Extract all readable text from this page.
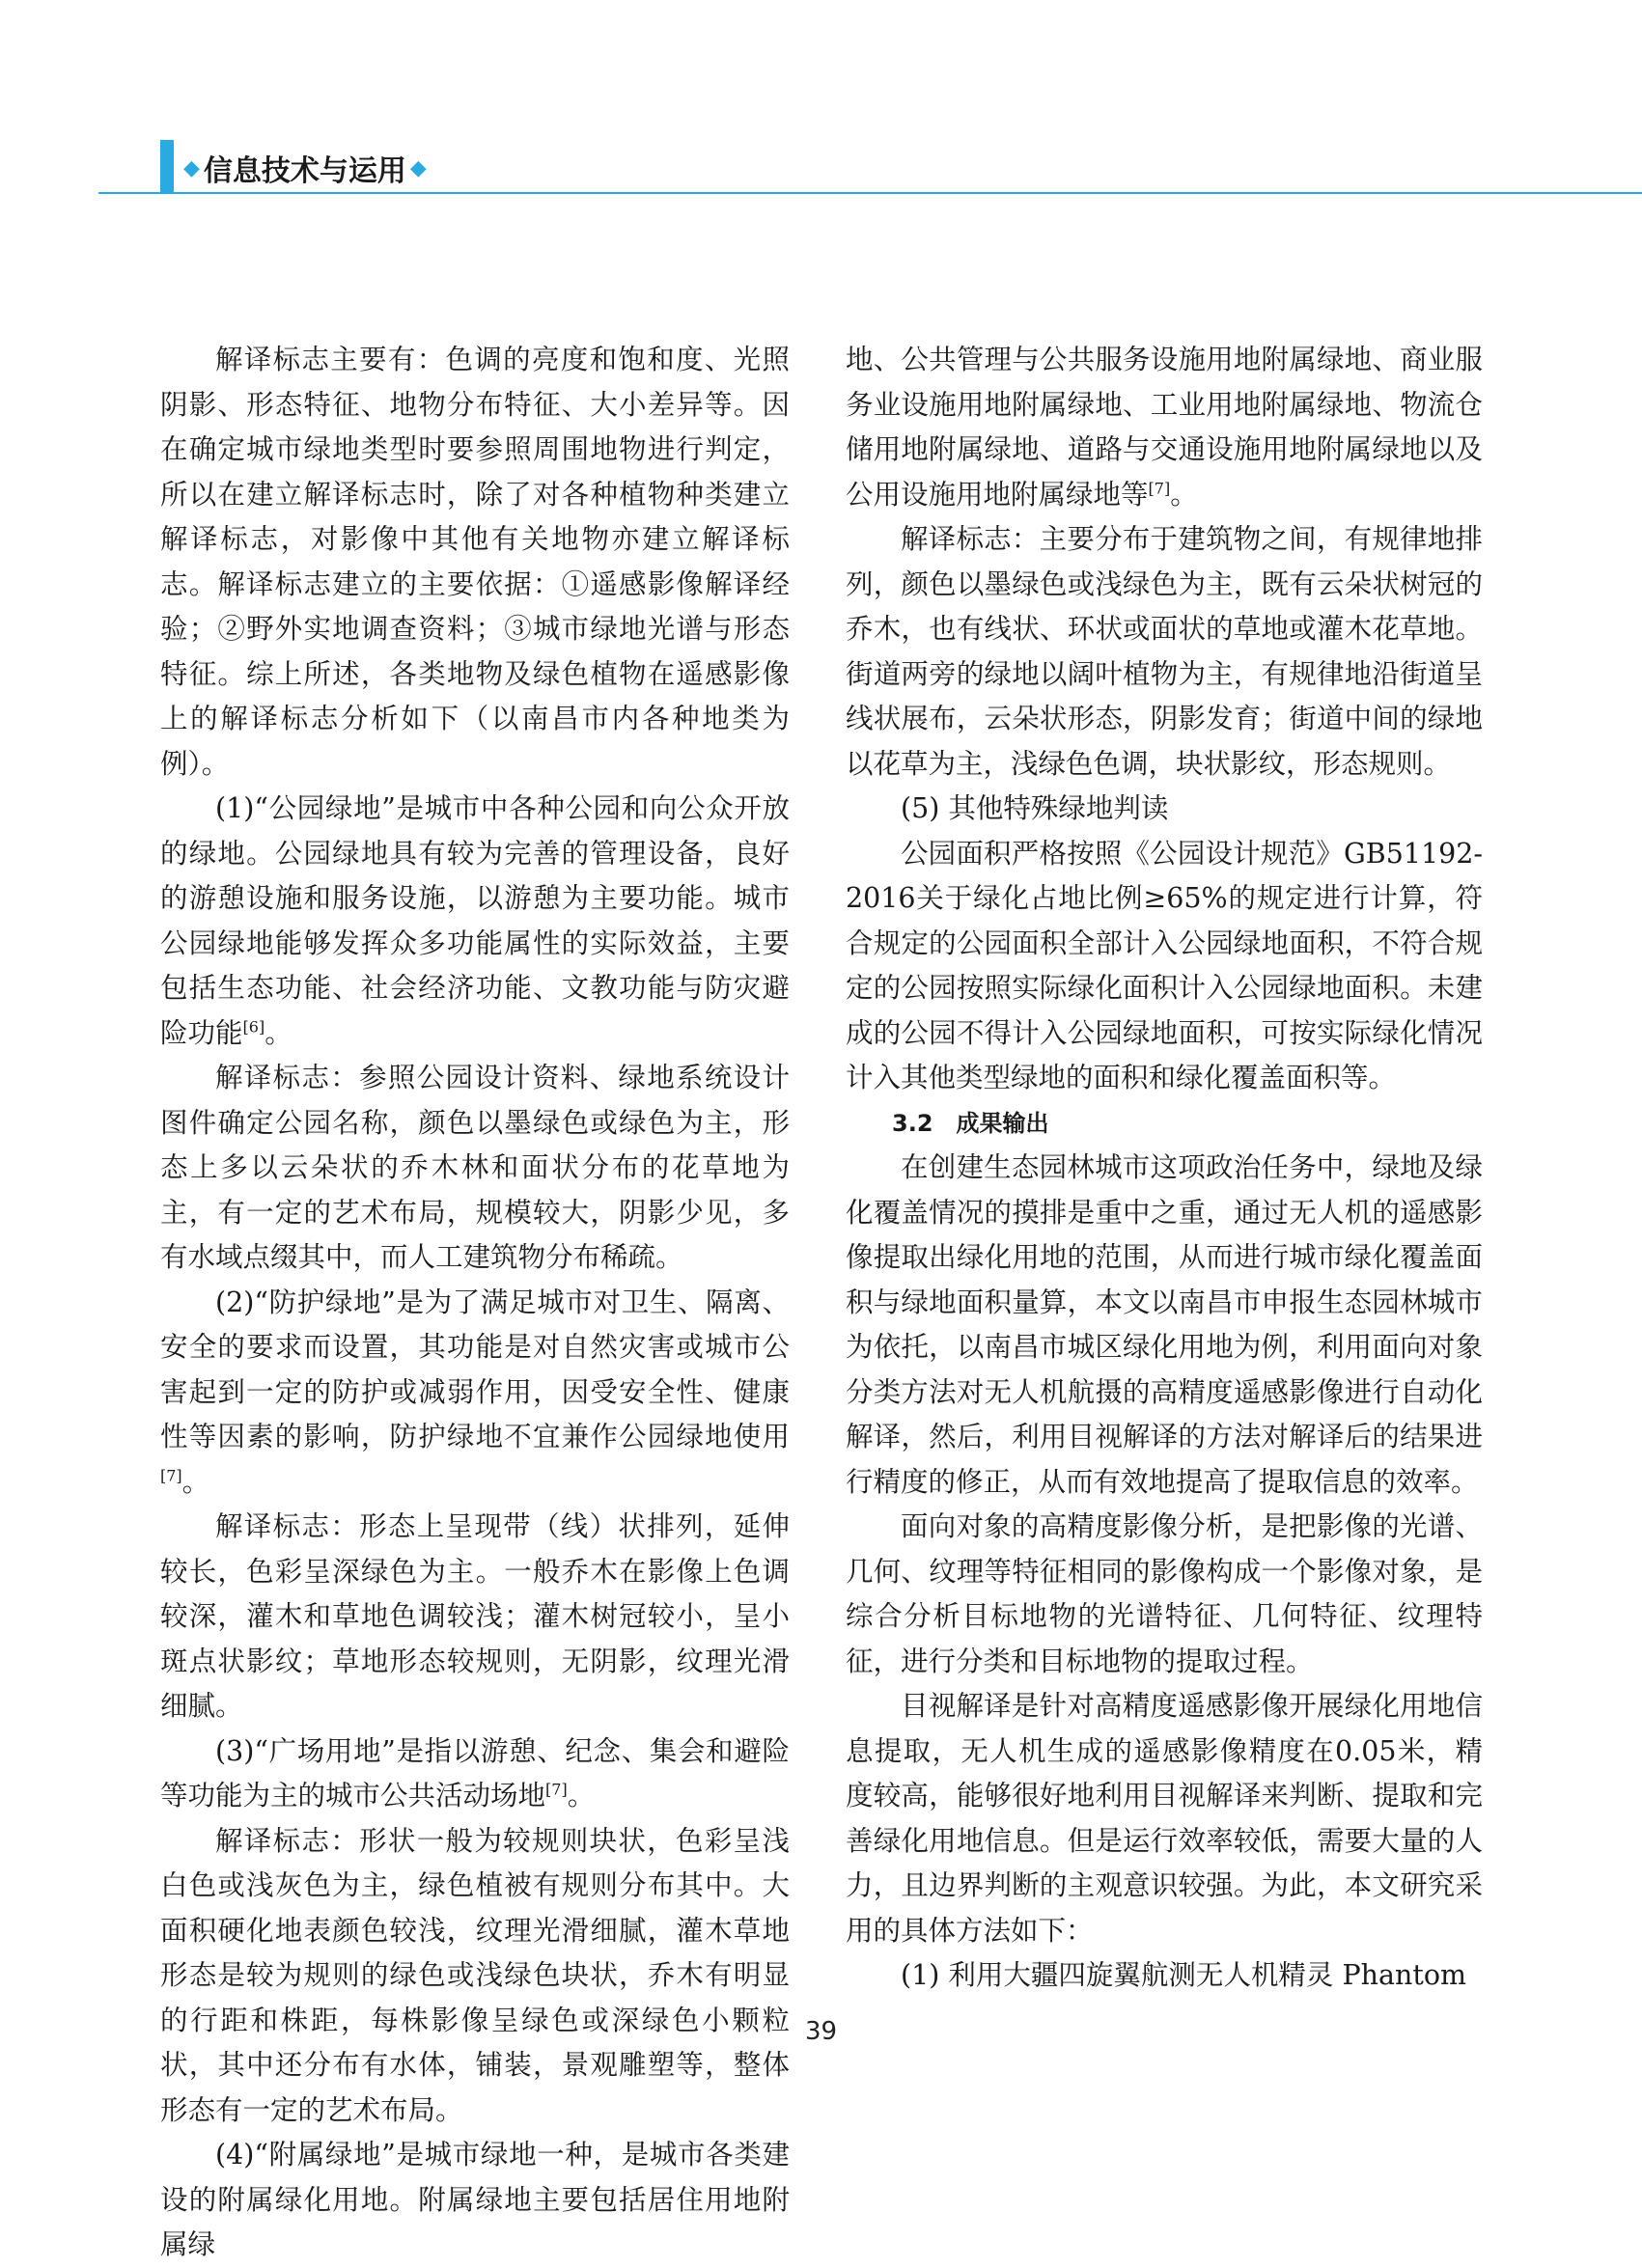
◆ 信息技术与运用 ◆

解译标志主要有：色调的亮度和饱和度、光照阴影、形态特征、地物分布特征、大小差异等。因在确定城市绿地类型时要参照周围地物进行判定，所以在建立解译标志时，除了对各种植物种类建立解译标志，对影像中其他有关地物亦建立解译标志。解译标志建立的主要依据：①遥感影像解译经验；②野外实地调查资料；③城市绿地光谱与形态特征。综上所述，各类地物及绿色植物在遥感影像上的解译标志分析如下（以南昌市内各种地类为例）。

(1)“公园绿地”是城市中各种公园和向公众开放的绿地。公园绿地具有较为完善的管理设备，良好的游憩设施和服务设施，以游憩为主要功能。城市公园绿地能够发挥众多功能属性的实际效益，主要包括生态功能、社会经济功能、文教功能与防灾避险功能[6]。

解译标志：参照公园设计资料、绿地系统设计图件确定公园名称，颜色以墨绿色或绿色为主，形态上多以云朵状的乔木林和面状分布的花草地为主，有一定的艺术布局，规模较大，阴影少见，多有水域点缀其中，而人工建筑物分布稀疏。

(2)“防护绿地”是为了满足城市对卫生、隔离、安全的要求而设置，其功能是对自然灾害或城市公害起到一定的防护或减弱作用，因受安全性、健康性等因素的影响，防护绿地不宜兼作公园绿地使用[7]。

解译标志：形态上呈现带（线）状排列，延伸较长，色彩呈深绿色为主。一般乔木在影像上色调较深，灌木和草地色调较浅；灌木树冠较小，呈小斑点状影纹；草地形态较规则，无阴影，纹理光滑细腻。

(3)“广场用地”是指以游憩、纪念、集会和避险等功能为主的城市公共活动场地[7]。

解译标志：形状一般为较规则块状，色彩呈浅白色或浅灰色为主，绿色植被有规则分布其中。大面积硬化地表颜色较浅，纹理光滑细腻，灌木草地形态是较为规则的绿色或浅绿色块状，乔木有明显的行距和株距，每株影像呈绿色或深绿色小颗粒状，其中还分布有水体，铺装，景观雕塑等，整体形态有一定的艺术布局。

(4)“附属绿地”是城市绿地一种，是城市各类建设的附属绿化用地。附属绿地主要包括居住用地附属绿

地、公共管理与公共服务设施用地附属绿地、商业服务业设施用地附属绿地、工业用地附属绿地、物流仓储用地附属绿地、道路与交通设施用地附属绿地以及公用设施用地附属绿地等[7]。

解译标志：主要分布于建筑物之间，有规律地排列，颜色以墨绿色或浅绿色为主，既有云朵状树冠的乔木，也有线状、环状或面状的草地或灌木花草地。街道两旁的绿地以阔叶植物为主，有规律地沿街道呈线状展布，云朵状形态，阴影发育；街道中间的绿地以花草为主，浅绿色色调，块状影纹，形态规则。

(5) 其他特殊绿地判读

公园面积严格按照《公园设计规范》GB51192-2016关于绿化占地比例≥65%的规定进行计算，符合规定的公园面积全部计入公园绿地面积，不符合规定的公园按照实际绿化面积计入公园绿地面积。未建成的公园不得计入公园绿地面积，可按实际绿化情况计入其他类型绿地的面积和绿化覆盖面积等。

3.2　成果输出

在创建生态园林城市这项政治任务中，绿地及绿化覆盖情况的摸排是重中之重，通过无人机的遥感影像提取出绿化用地的范围，从而进行城市绿化覆盖面积与绿地面积量算，本文以南昌市申报生态园林城市为依托，以南昌市城区绿化用地为例，利用面向对象分类方法对无人机航摄的高精度遥感影像进行自动化解译，然后，利用目视解译的方法对解译后的结果进行精度的修正，从而有效地提高了提取信息的效率。

面向对象的高精度影像分析，是把影像的光谱、几何、纹理等特征相同的影像构成一个影像对象，是综合分析目标地物的光谱特征、几何特征、纹理特征，进行分类和目标地物的提取过程。

目视解译是针对高精度遥感影像开展绿化用地信息提取，无人机生成的遥感影像精度在0.05米，精度较高，能够很好地利用目视解译来判断、提取和完善绿化用地信息。但是运行效率较低，需要大量的人力，且边界判断的主观意识较强。为此，本文研究采用的具体方法如下：

(1) 利用大疆四旋翼航测无人机精灵 Phantom

39
